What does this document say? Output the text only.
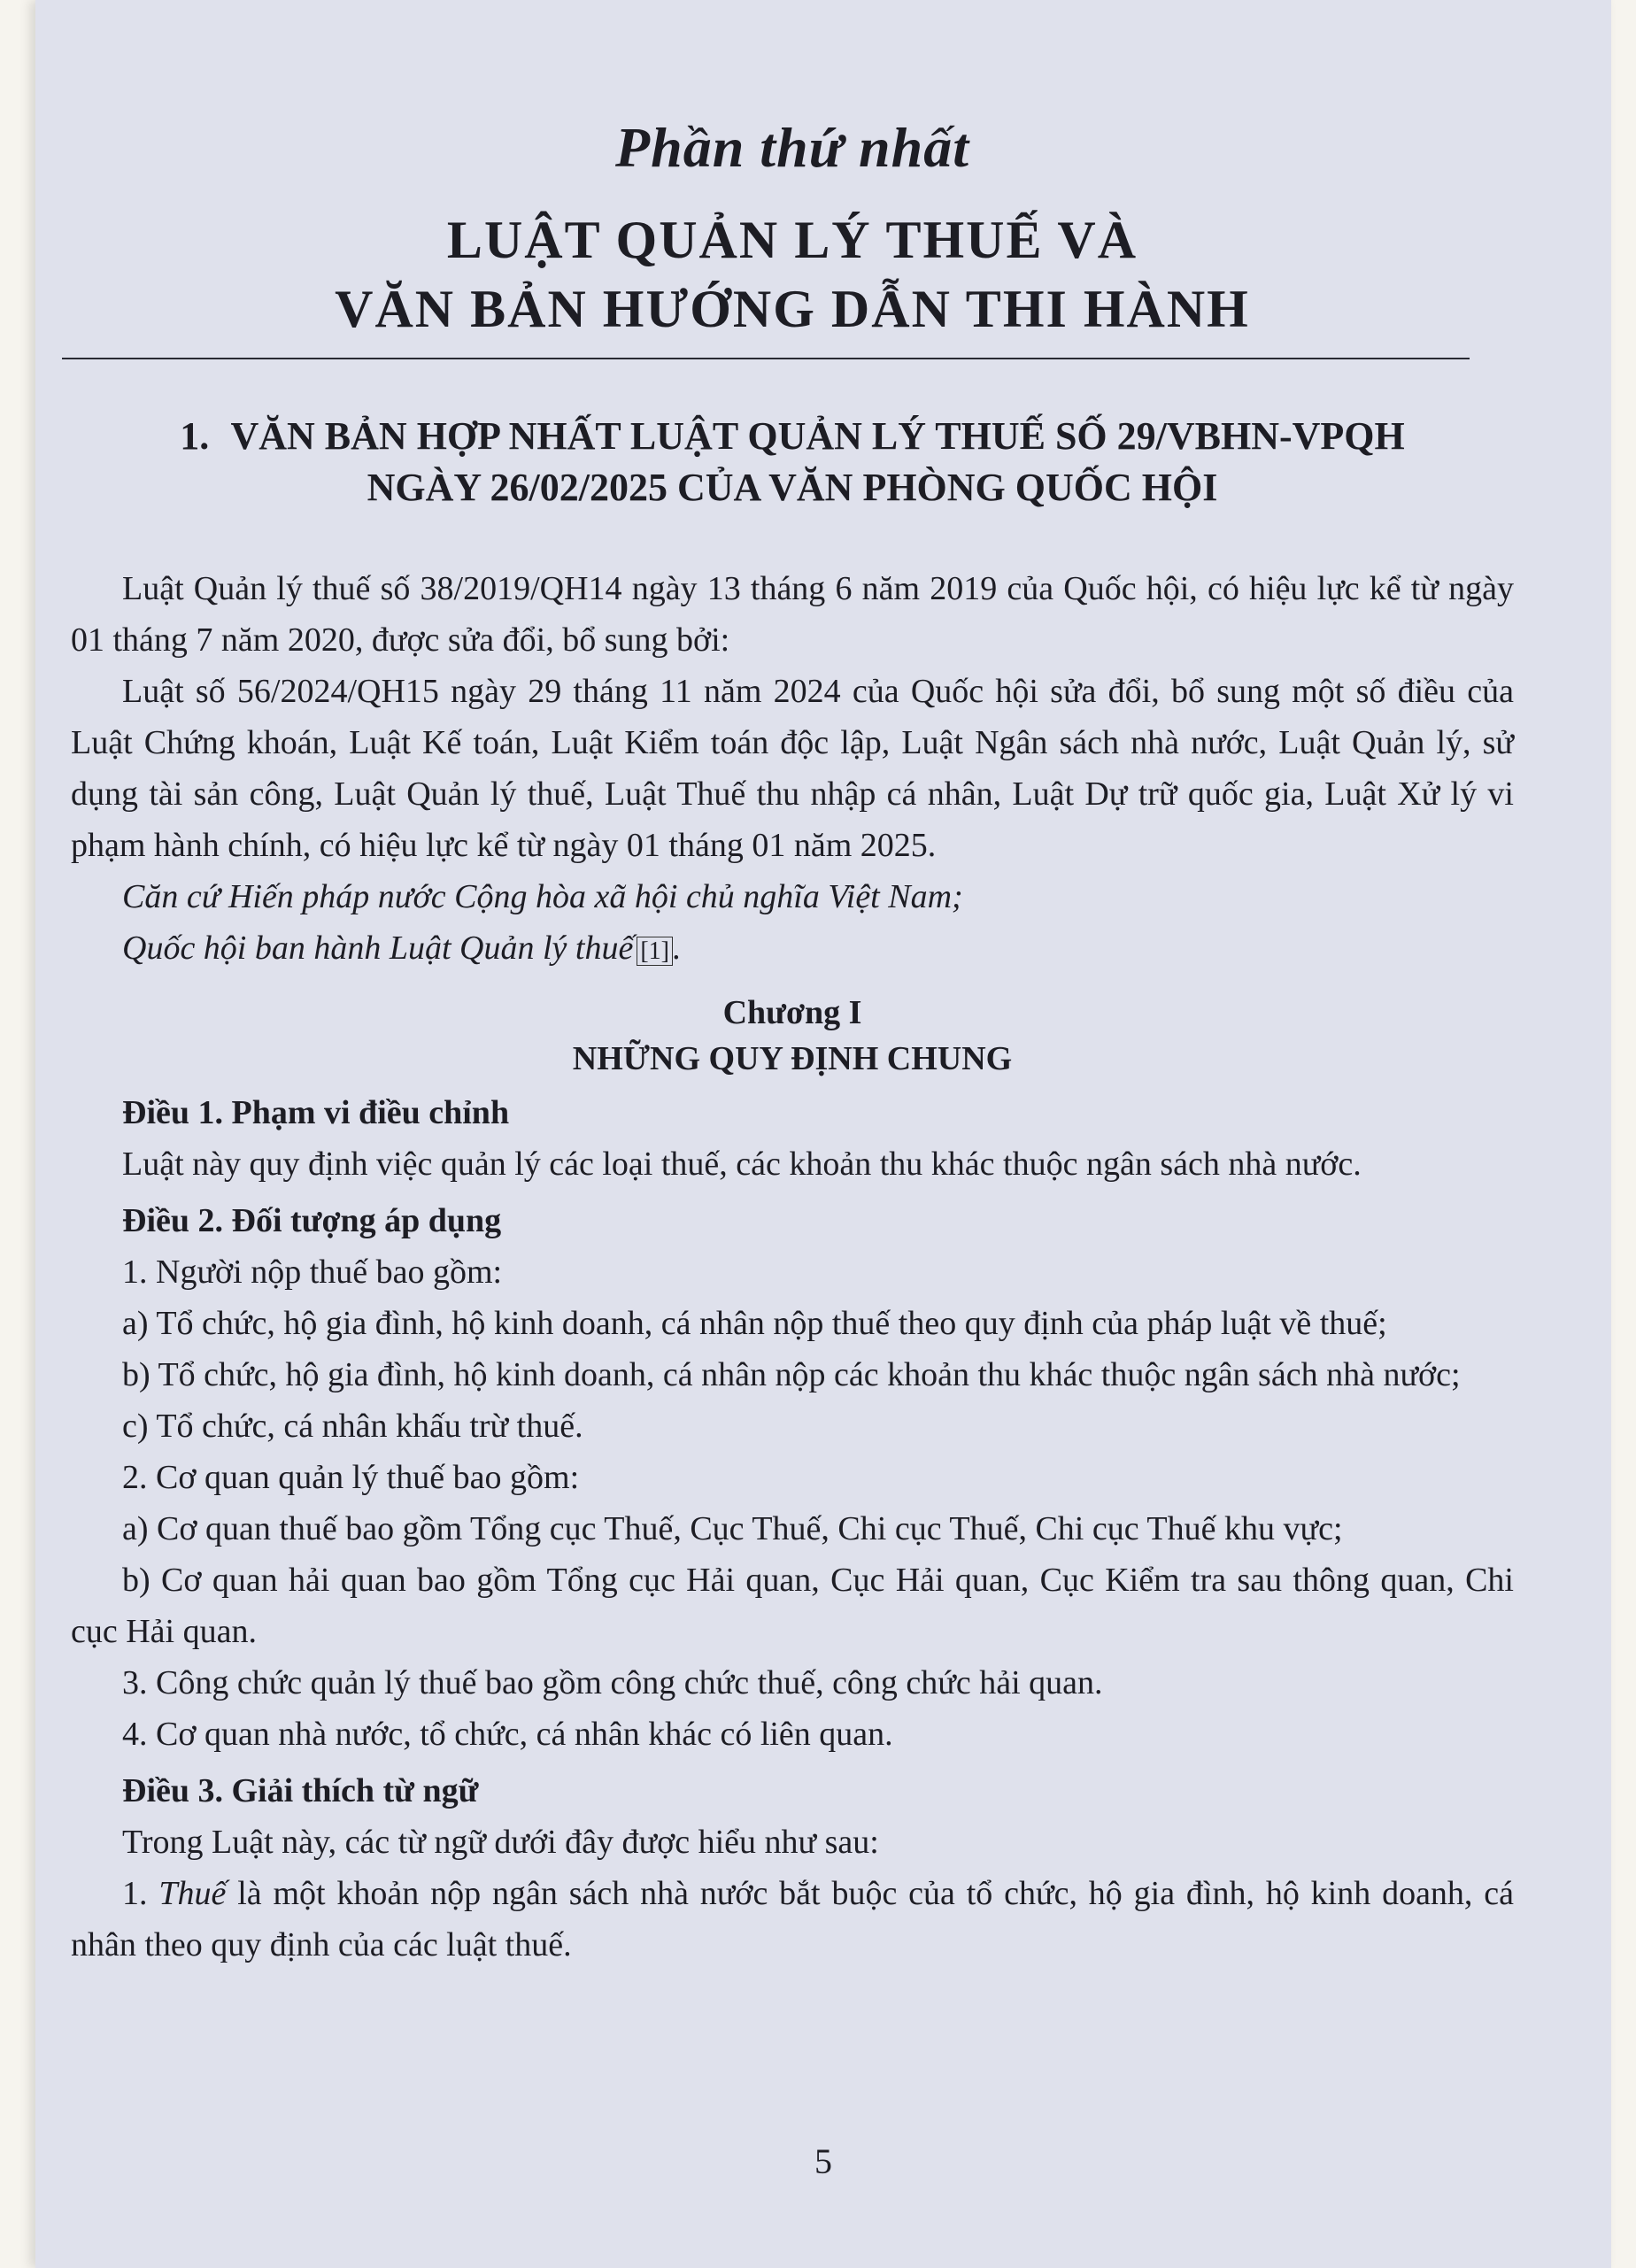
Phần thứ nhất
LUẬT QUẢN LÝ THUẾ VÀ
VĂN BẢN HƯỚNG DẪN THI HÀNH
1. VĂN BẢN HỢP NHẤT LUẬT QUẢN LÝ THUẾ SỐ 29/VBHN-VPQH
NGÀY 26/02/2025 CỦA VĂN PHÒNG QUỐC HỘI

Luật Quản lý thuế số 38/2019/QH14 ngày 13 tháng 6 năm 2019 của Quốc hội, có hiệu lực kể từ ngày 01 tháng 7 năm 2020, được sửa đổi, bổ sung bởi:

Luật số 56/2024/QH15 ngày 29 tháng 11 năm 2024 của Quốc hội sửa đổi, bổ sung một số điều của Luật Chứng khoán, Luật Kế toán, Luật Kiểm toán độc lập, Luật Ngân sách nhà nước, Luật Quản lý, sử dụng tài sản công, Luật Quản lý thuế, Luật Thuế thu nhập cá nhân, Luật Dự trữ quốc gia, Luật Xử lý vi phạm hành chính, có hiệu lực kể từ ngày 01 tháng 01 năm 2025.

Căn cứ Hiến pháp nước Cộng hòa xã hội chủ nghĩa Việt Nam;

Quốc hội ban hành Luật Quản lý thuế [1] .

Chương I
NHỮNG QUY ĐỊNH CHUNG
Điều 1. Phạm vi điều chỉnh

Luật này quy định việc quản lý các loại thuế, các khoản thu khác thuộc ngân sách nhà nước.

Điều 2. Đối tượng áp dụng

1. Người nộp thuế bao gồm:

a) Tổ chức, hộ gia đình, hộ kinh doanh, cá nhân nộp thuế theo quy định của pháp luật về thuế;

b) Tổ chức, hộ gia đình, hộ kinh doanh, cá nhân nộp các khoản thu khác thuộc ngân sách nhà nước;

c) Tổ chức, cá nhân khấu trừ thuế.

2. Cơ quan quản lý thuế bao gồm:

a) Cơ quan thuế bao gồm Tổng cục Thuế, Cục Thuế, Chi cục Thuế, Chi cục Thuế khu vực;

b) Cơ quan hải quan bao gồm Tổng cục Hải quan, Cục Hải quan, Cục Kiểm tra sau thông quan, Chi cục Hải quan.

3. Công chức quản lý thuế bao gồm công chức thuế, công chức hải quan.

4. Cơ quan nhà nước, tổ chức, cá nhân khác có liên quan.

Điều 3. Giải thích từ ngữ

Trong Luật này, các từ ngữ dưới đây được hiểu như sau:

1. Thuế là một khoản nộp ngân sách nhà nước bắt buộc của tổ chức, hộ gia đình, hộ kinh doanh, cá nhân theo quy định của các luật thuế.

5
